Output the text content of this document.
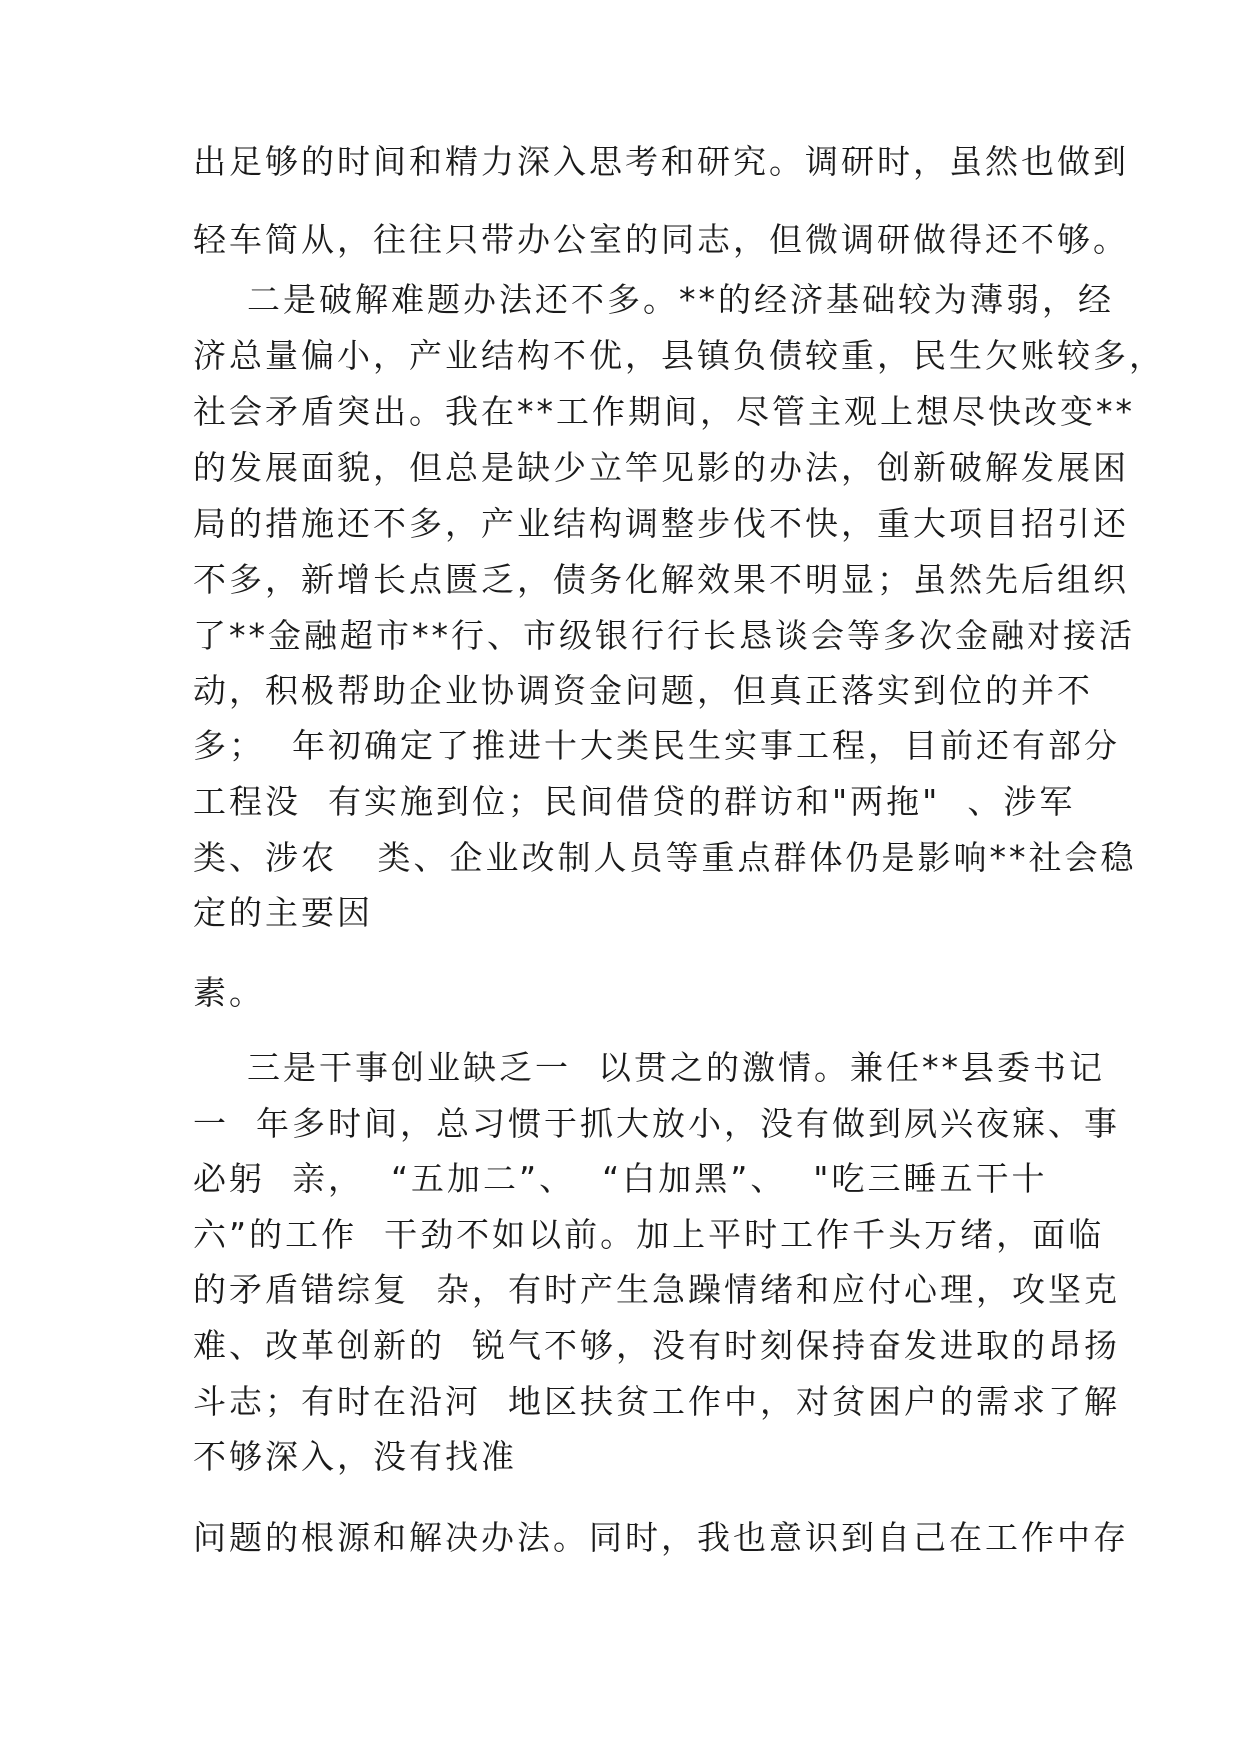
出足够的时间和精力深入思考和研究。调研时，虽然也做到
轻车简从，往往只带办公室的同志，但微调研做得还不够。
二是破解难题办法还不多。**的经济基础较为薄弱，经
济总量偏小，产业结构不优，县镇负债较重，民生欠账较多，
社会矛盾突出。我在**工作期间，尽管主观上想尽快改变**
的发展面貌，但总是缺少立竿见影的办法，创新破解发展困
局的措施还不多，产业结构调整步伐不快，重大项目招引还
不多，新增长点匮乏，债务化解效果不明显；虽然先后组织
了**金融超市**行、市级银行行长恳谈会等多次金融对接活
动，积极帮助企业协调资金问题，但真正落实到位的并不
多；  年初确定了推进十大类民生实事工程，目前还有部分
工程没  有实施到位；民间借贷的群访和"两拖"  、涉军
类、涉农   类、企业改制人员等重点群体仍是影响**社会稳
定的主要因
素。
三是干事创业缺乏一  以贯之的激情。兼任**县委书记
一  年多时间，总习惯于抓大放小，没有做到夙兴夜寐、事
必躬  亲，  “五加二”、  “白加黑”、  "吃三睡五干十
六”的工作  干劲不如以前。加上平时工作千头万绪，面临
的矛盾错综复  杂，有时产生急躁情绪和应付心理，攻坚克
难、改革创新的  锐气不够，没有时刻保持奋发进取的昂扬
斗志；有时在沿河  地区扶贫工作中，对贫困户的需求了解
不够深入，没有找准
问题的根源和解决办法。同时，我也意识到自己在工作中存
